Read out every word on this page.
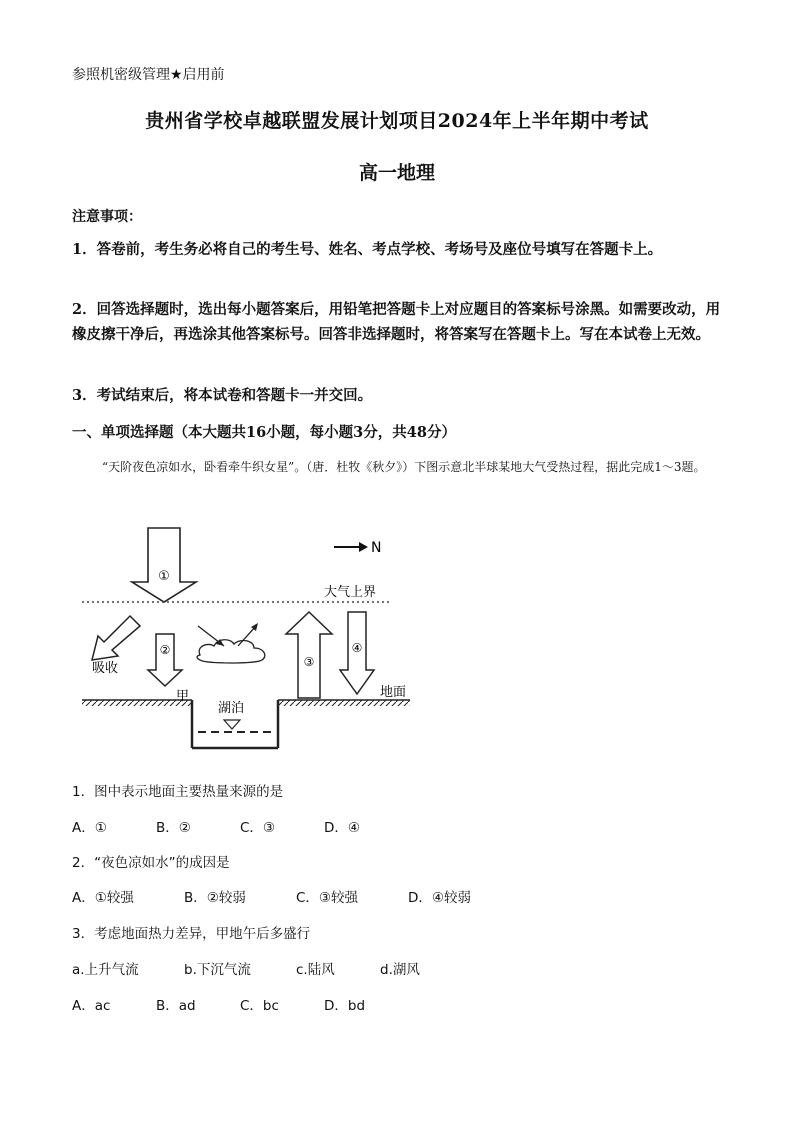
参照机密级管理★启用前
贵州省学校卓越联盟发展计划项目2024年上半年期中考试
高一地理
注意事项：
1．答卷前，考生务必将自己的考生号、姓名、考点学校、考场号及座位号填写在答题卡上。
2．回答选择题时，选出每小题答案后，用铅笔把答题卡上对应题目的答案标号涂黑。如需要改动，用橡皮擦干净后，再选涂其他答案标号。回答非选择题时，将答案写在答题卡上。写在本试卷上无效。
3．考试结束后，将本试卷和答题卡一并交回。
一、单项选择题（本大题共16小题，每小题3分，共48分）
“天阶夜色凉如水，卧看牵牛织女星”。（唐．杜牧《秋夕》）下图示意北半球某地大气受热过程，据此完成1～3题。
①
N
大气上界
吸收
②
③
④
地面
甲
湖泊
1．图中表示地面主要热量来源的是
A．①	B．②	C．③	D．④
2．“夜色凉如水”的成因是
A．①较强	B．②较弱	C．③较强	D．④较弱
3．考虑地面热力差异，甲地午后多盛行
a.上升气流	b.下沉气流	c.陆风	d.湖风
A．ac	B．ad	C．bc	D．bd
